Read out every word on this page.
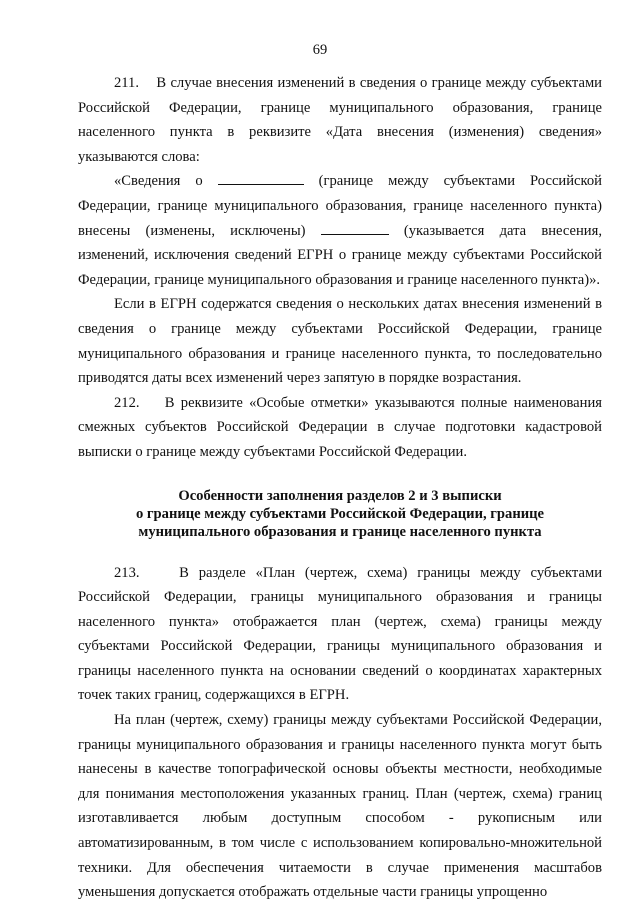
69

211.    В случае внесения изменений в сведения о границе между субъектами Российской Федерации, границе муниципального образования, границе населенного пункта в реквизите «Дата внесения (изменения) сведения» указываются слова:

«Сведения о	(границе между субъектами Российской Федерации, границе муниципального образования, границе населенного пункта) внесены (изменены, исключены)	(указывается дата внесения, изменений, исключения сведений ЕГРН о границе между субъектами Российской Федерации, границе муниципального образования и границе населенного пункта)».

Если в ЕГРН содержатся сведения о нескольких датах внесения изменений в сведения о границе между субъектами Российской Федерации, границе муниципального образования и границе населенного пункта, то последовательно приводятся даты всех изменений через запятую в порядке возрастания.

212.    В реквизите «Особые отметки» указываются полные наименования смежных субъектов Российской Федерации в случае подготовки кадастровой выписки о границе между субъектами Российской Федерации.

Особенности заполнения разделов 2 и 3 выписки
о границе между субъектами Российской Федерации, границе
муниципального образования и границе населенного пункта

213.    В разделе «План (чертеж, схема) границы между субъектами Российской Федерации, границы муниципального образования и границы населенного пункта» отображается план (чертеж, схема) границы между субъектами Российской Федерации, границы муниципального образования и границы населенного пункта на основании сведений о координатах характерных точек таких границ, содержащихся в ЕГРН.

На план (чертеж, схему) границы между субъектами Российской Федерации, границы муниципального образования и границы населенного пункта могут быть нанесены в качестве топографической основы объекты местности, необходимые для понимания местоположения указанных границ. План (чертеж, схема) границ изготавливается любым доступным способом - рукописным или автоматизированным, в том числе с использованием копировально-множительной техники. Для обеспечения читаемости в случае применения масштабов уменьшения допускается отображать отдельные части границы упрощенно
